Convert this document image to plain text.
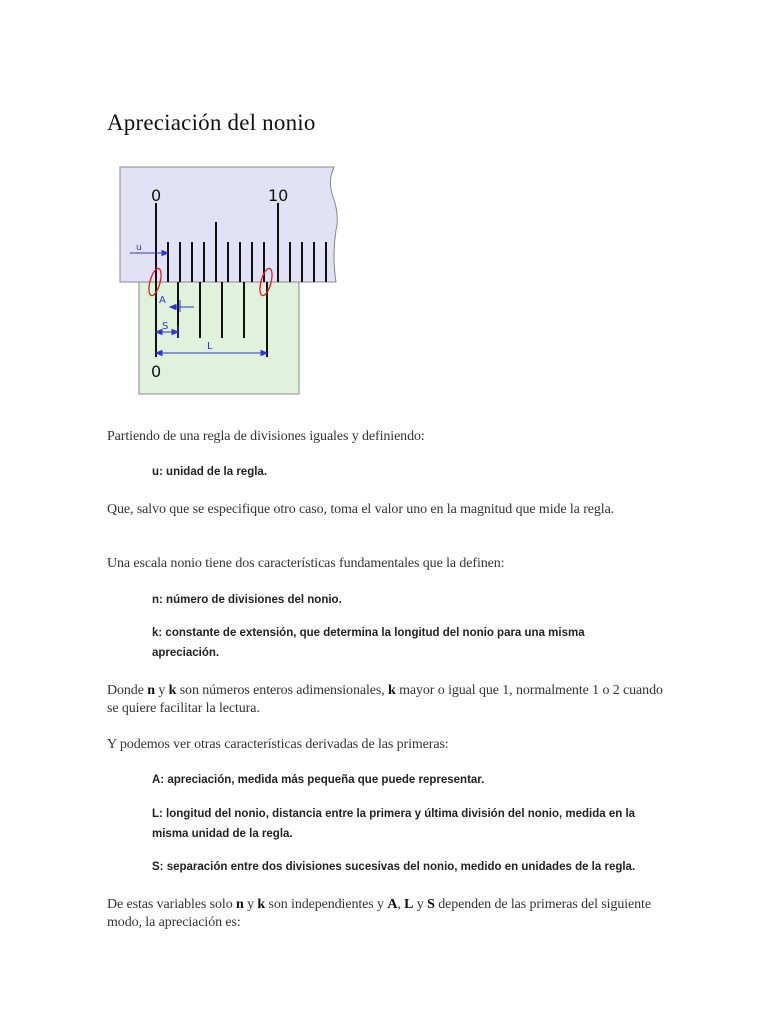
Apreciación del nonio
0	10
0
u
A
S
L

Partiendo de una regla de divisiones iguales y definiendo:

u: unidad de la regla.

Que, salvo que se especifique otro caso, toma el valor uno en la magnitud que mide la regla.

Una escala nonio tiene dos características fundamentales que la definen:

n: número de divisiones del nonio.

k: constante de extensión, que determina la longitud del nonio para una misma apreciación.

Donde n y k son números enteros adimensionales, k mayor o igual que 1, normalmente 1 o 2 cuando se quiere facilitar la lectura.

Y podemos ver otras características derivadas de las primeras:

A: apreciación, medida más pequeña que puede representar.

L: longitud del nonio, distancia entre la primera y última división del nonio, medida en la misma unidad de la regla.

S: separación entre dos divisiones sucesivas del nonio, medido en unidades de la regla.

De estas variables solo n y k son independientes y A, L y S dependen de las primeras del siguiente modo, la apreciación es:
